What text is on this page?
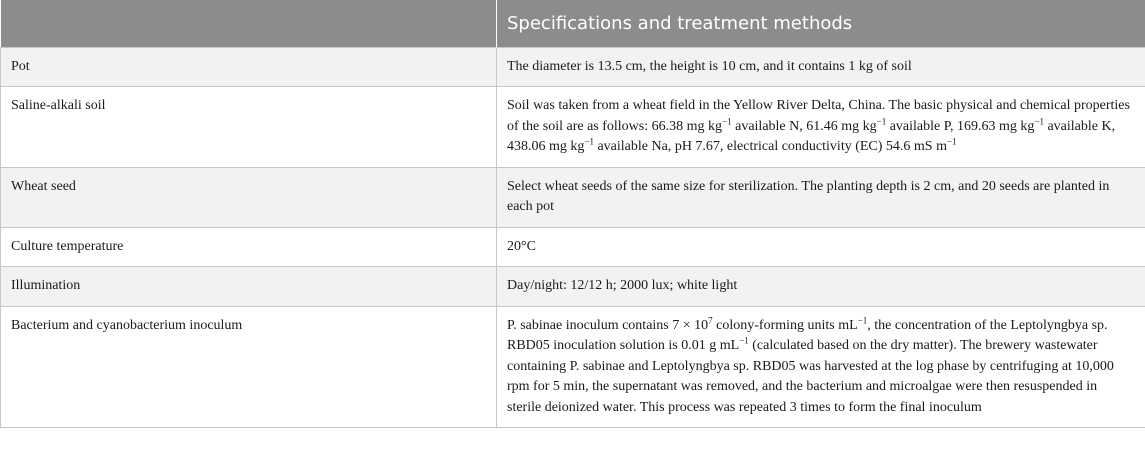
	Specifications and treatment methods
Pot	The diameter is 13.5 cm, the height is 10 cm, and it contains 1 kg of soil
Saline-alkali soil	Soil was taken from a wheat field in the Yellow River Delta, China. The basic physical and chemical properties of the soil are as follows: 66.38 mg $kg^{-1}$ available N, 61.46 mg $kg^{-1}$ available P, 169.63 mg $kg^{-1}$ available K, 438.06 mg $kg^{-1}$ available Na, pH 7.67, electrical conductivity (EC) 54.6 mS $m^{-1}$
Wheat seed	Select wheat seeds of the same size for sterilization. The planting depth is 2 cm, and 20 seeds are planted in each pot
Culture temperature	20°C
Illumination	Day/night: 12/12 h; 2000 lux; white light
Bacterium and cyanobacterium inoculum	P. sabinae inoculum contains $7 \times 10^7$ colony-forming units $mL^{-1}$, the concentration of the Leptolyngbya sp. RBD05 inoculation solution is 0.01 g $mL^{-1}$ (calculated based on the dry matter). The brewery wastewater containing P. sabinae and Leptolyngbya sp. RBD05 was harvested at the log phase by centrifuging at 10,000 rpm for 5 min, the supernatant was removed, and the bacterium and microalgae were then resuspended in sterile deionized water. This process was repeated 3 times to form the final inoculum
